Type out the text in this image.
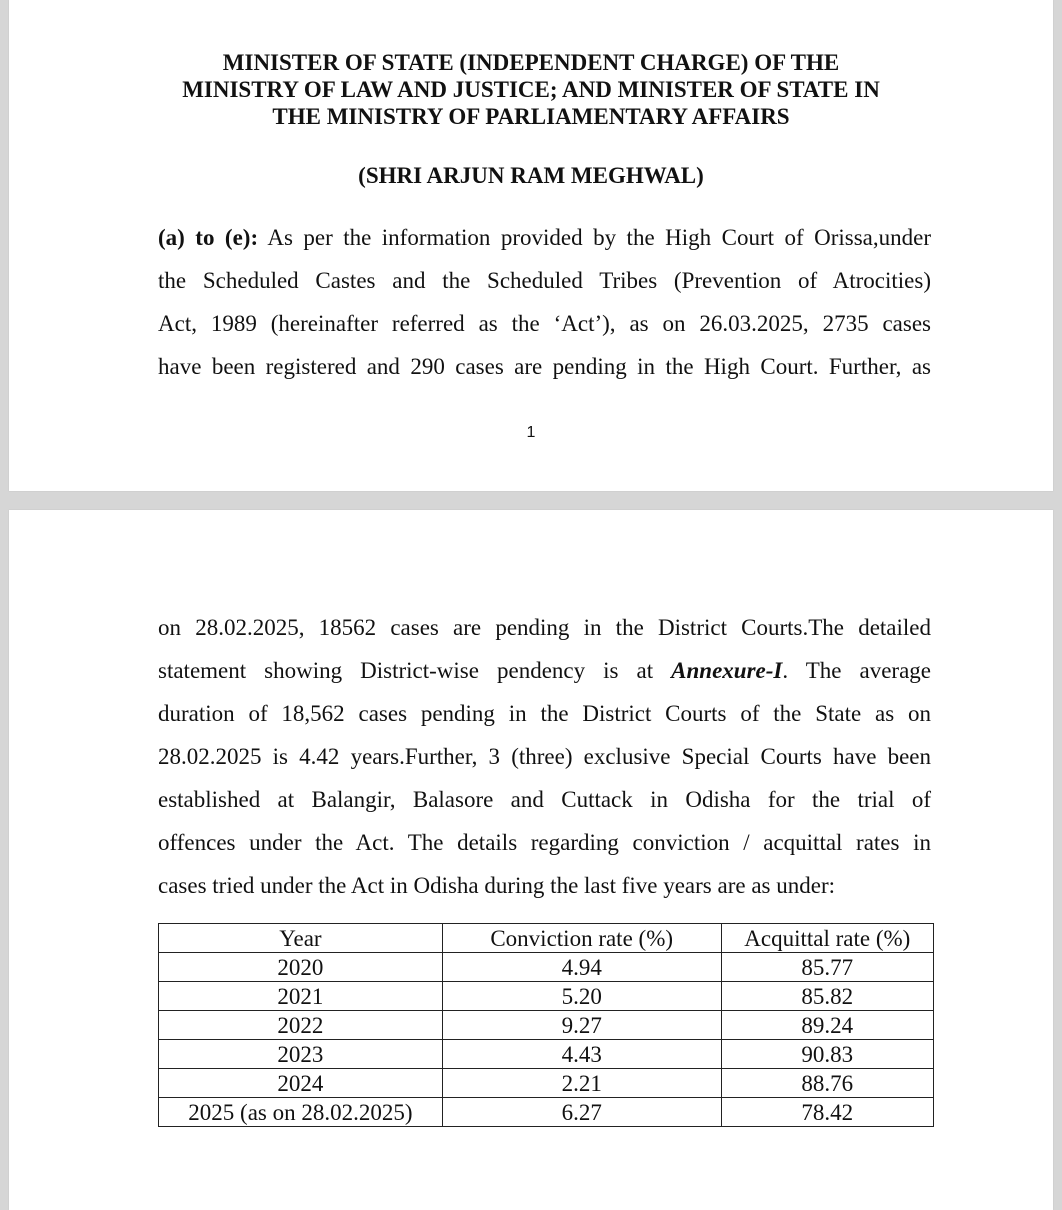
MINISTER OF STATE (INDEPENDENT CHARGE) OF THE
MINISTRY OF LAW AND JUSTICE; AND MINISTER OF STATE IN
THE MINISTRY OF PARLIAMENTARY AFFAIRS
(SHRI ARJUN RAM MEGHWAL)
(a) to (e): As per the information provided by the High Court of Orissa,under
the Scheduled Castes and the Scheduled Tribes (Prevention of Atrocities)
Act, 1989 (hereinafter referred as the ‘Act’), as on 26.03.2025, 2735 cases
have been registered and 290 cases are pending in the High Court. Further, as
1
on 28.02.2025, 18562 cases are pending in the District Courts.The detailed
statement showing District-wise pendency is at Annexure-I. The average
duration of 18,562 cases pending in the District Courts of the State as on
28.02.2025 is 4.42 years.Further, 3 (three) exclusive Special Courts have been
established at Balangir, Balasore and Cuttack in Odisha for the trial of
offences under the Act. The details regarding conviction / acquittal rates in
cases tried under the Act in Odisha during the last five years are as under:
Year	Conviction rate (%)	Acquittal rate (%)
2020	4.94	85.77
2021	5.20	85.82
2022	9.27	89.24
2023	4.43	90.83
2024	2.21	88.76
2025 (as on 28.02.2025)	6.27	78.42
